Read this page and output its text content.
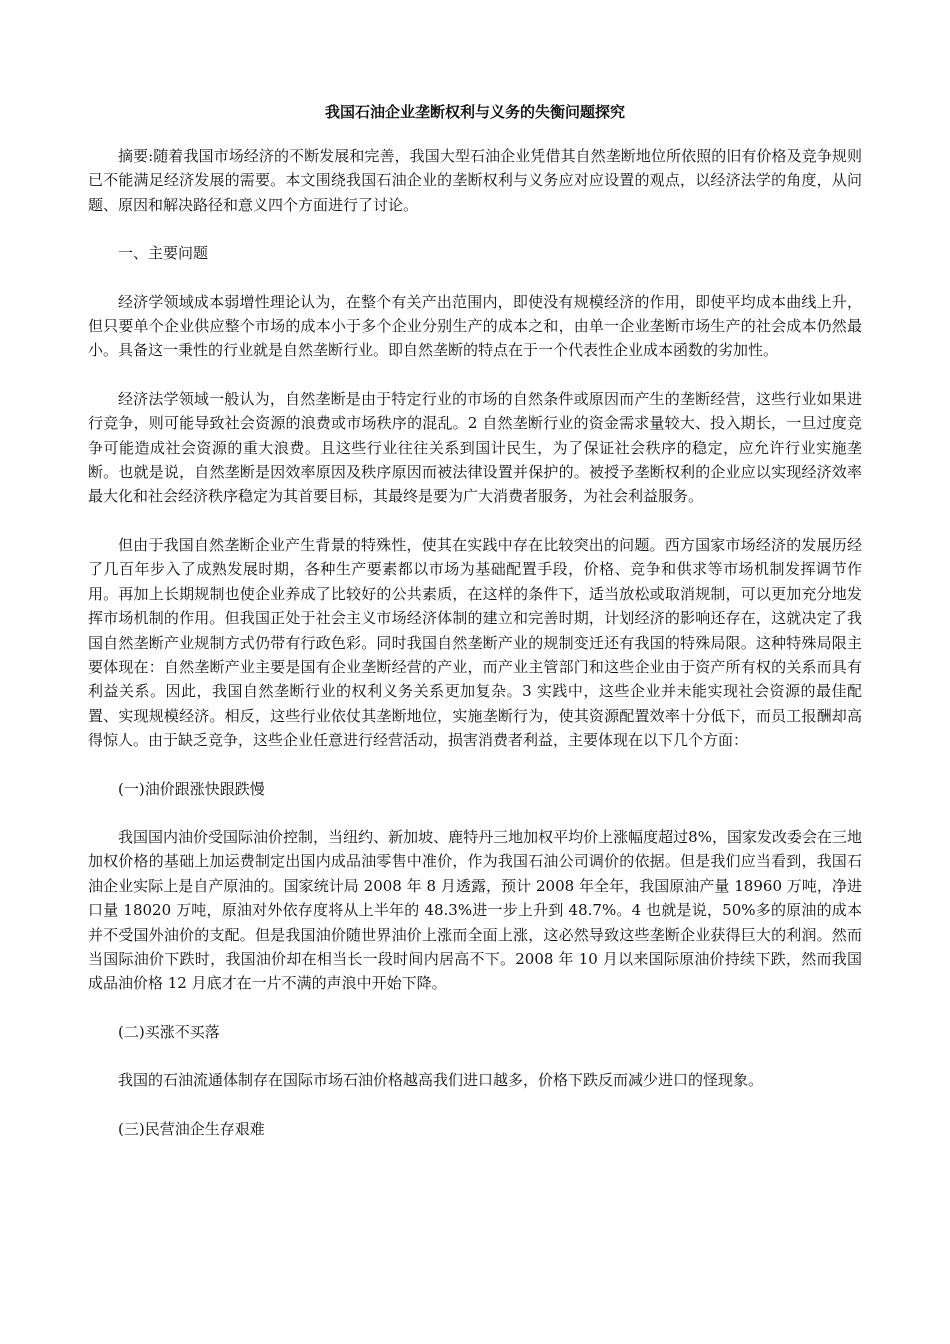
我国石油企业垄断权利与义务的失衡问题探究

摘要:随着我国市场经济的不断发展和完善，我国大型石油企业凭借其自然垄断地位所依照的旧有价格及竞争规则已不能满足经济发展的需要。本文围绕我国石油企业的垄断权利与义务应对应设置的观点，以经济法学的角度，从问题、原因和解决路径和意义四个方面进行了讨论。

一、主要问题

经济学领域成本弱增性理论认为，在整个有关产出范围内，即使没有规模经济的作用，即使平均成本曲线上升，但只要单个企业供应整个市场的成本小于多个企业分别生产的成本之和，由单一企业垄断市场生产的社会成本仍然最小。具备这一秉性的行业就是自然垄断行业。即自然垄断的特点在于一个代表性企业成本函数的劣加性。

经济法学领域一般认为，自然垄断是由于特定行业的市场的自然条件或原因而产生的垄断经营，这些行业如果进行竞争，则可能导致社会资源的浪费或市场秩序的混乱。2 自然垄断行业的资金需求量较大、投入期长，一旦过度竞争可能造成社会资源的重大浪费。且这些行业往往关系到国计民生，为了保证社会秩序的稳定，应允许行业实施垄断。也就是说，自然垄断是因效率原因及秩序原因而被法律设置并保护的。被授予垄断权利的企业应以实现经济效率最大化和社会经济秩序稳定为其首要目标，其最终是要为广大消费者服务，为社会利益服务。

但由于我国自然垄断企业产生背景的特殊性，使其在实践中存在比较突出的问题。西方国家市场经济的发展历经了几百年步入了成熟发展时期，各种生产要素都以市场为基础配置手段，价格、竞争和供求等市场机制发挥调节作用。再加上长期规制也使企业养成了比较好的公共素质，在这样的条件下，适当放松或取消规制，可以更加充分地发挥市场机制的作用。但我国正处于社会主义市场经济体制的建立和完善时期，计划经济的影响还存在，这就决定了我国自然垄断产业规制方式仍带有行政色彩。同时我国自然垄断产业的规制变迁还有我国的特殊局限。这种特殊局限主要体现在：自然垄断产业主要是国有企业垄断经营的产业，而产业主管部门和这些企业由于资产所有权的关系而具有利益关系。因此，我国自然垄断行业的权利义务关系更加复杂。3 实践中，这些企业并未能实现社会资源的最佳配置、实现规模经济。相反，这些行业依仗其垄断地位，实施垄断行为，使其资源配置效率十分低下，而员工报酬却高得惊人。由于缺乏竞争，这些企业任意进行经营活动，损害消费者利益，主要体现在以下几个方面：

(一)油价跟涨快跟跌慢

我国国内油价受国际油价控制，当纽约、新加坡、鹿特丹三地加权平均价上涨幅度超过8%，国家发改委会在三地加权价格的基础上加运费制定出国内成品油零售中准价，作为我国石油公司调价的依据。但是我们应当看到，我国石油企业实际上是自产原油的。国家统计局 2008 年 8 月透露，预计 2008 年全年，我国原油产量 18960 万吨，净进口量 18020 万吨，原油对外依存度将从上半年的 48.3%进一步上升到 48.7%。4 也就是说，50%多的原油的成本并不受国外油价的支配。但是我国油价随世界油价上涨而全面上涨，这必然导致这些垄断企业获得巨大的利润。然而当国际油价下跌时，我国油价却在相当长一段时间内居高不下。2008 年 10 月以来国际原油价持续下跌，然而我国成品油价格 12 月底才在一片不满的声浪中开始下降。

(二)买涨不买落

我国的石油流通体制存在国际市场石油价格越高我们进口越多，价格下跌反而减少进口的怪现象。

(三)民营油企生存艰难
